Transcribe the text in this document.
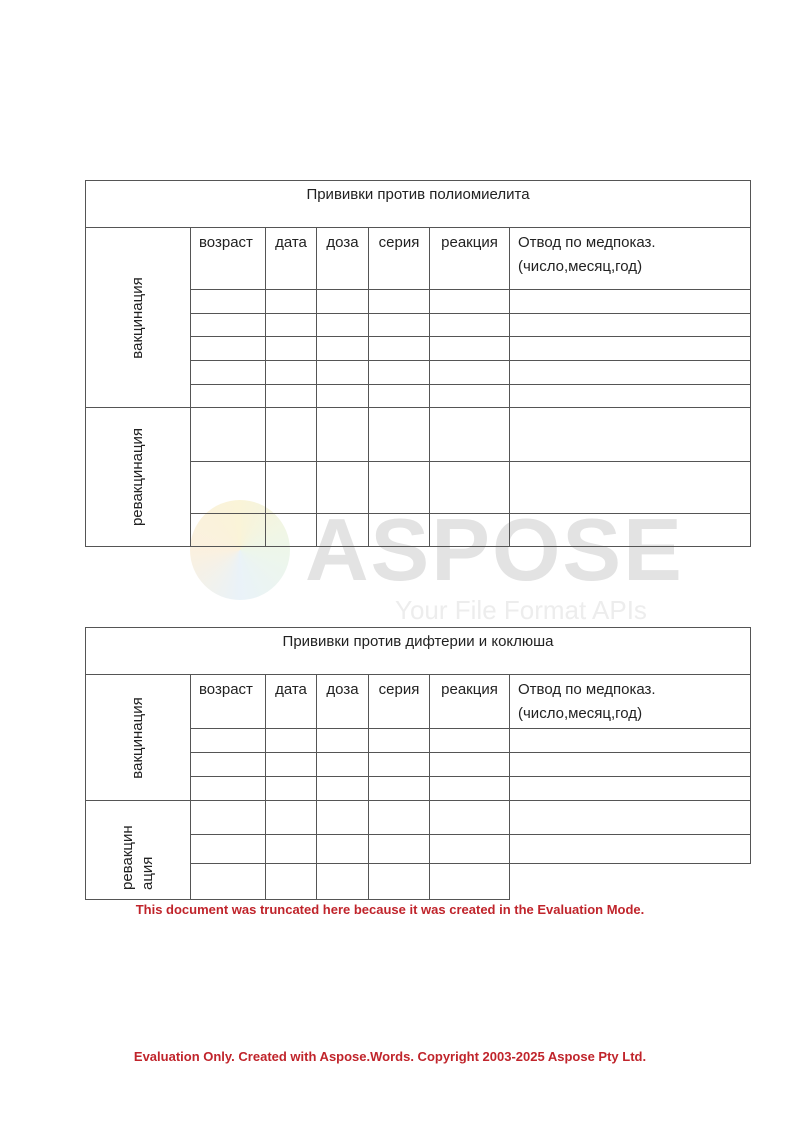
ASPOSE
Your File Format APIs
Прививки против полиомиелита						

вакцинация	возраст	дата	доза	серия	реакция	Отвод по медпоказ.(число,месяц,год)

ревакцинация						

Прививки против дифтерии и коклюша						

вакцинация	возраст	дата	доза	серия	реакция	Отвод по медпоказ.(число,месяц,год)

ревакцин ация						

This document was truncated here because it was created in the Evaluation Mode.
Evaluation Only. Created with Aspose.Words. Copyright 2003-2025 Aspose Pty Ltd.
